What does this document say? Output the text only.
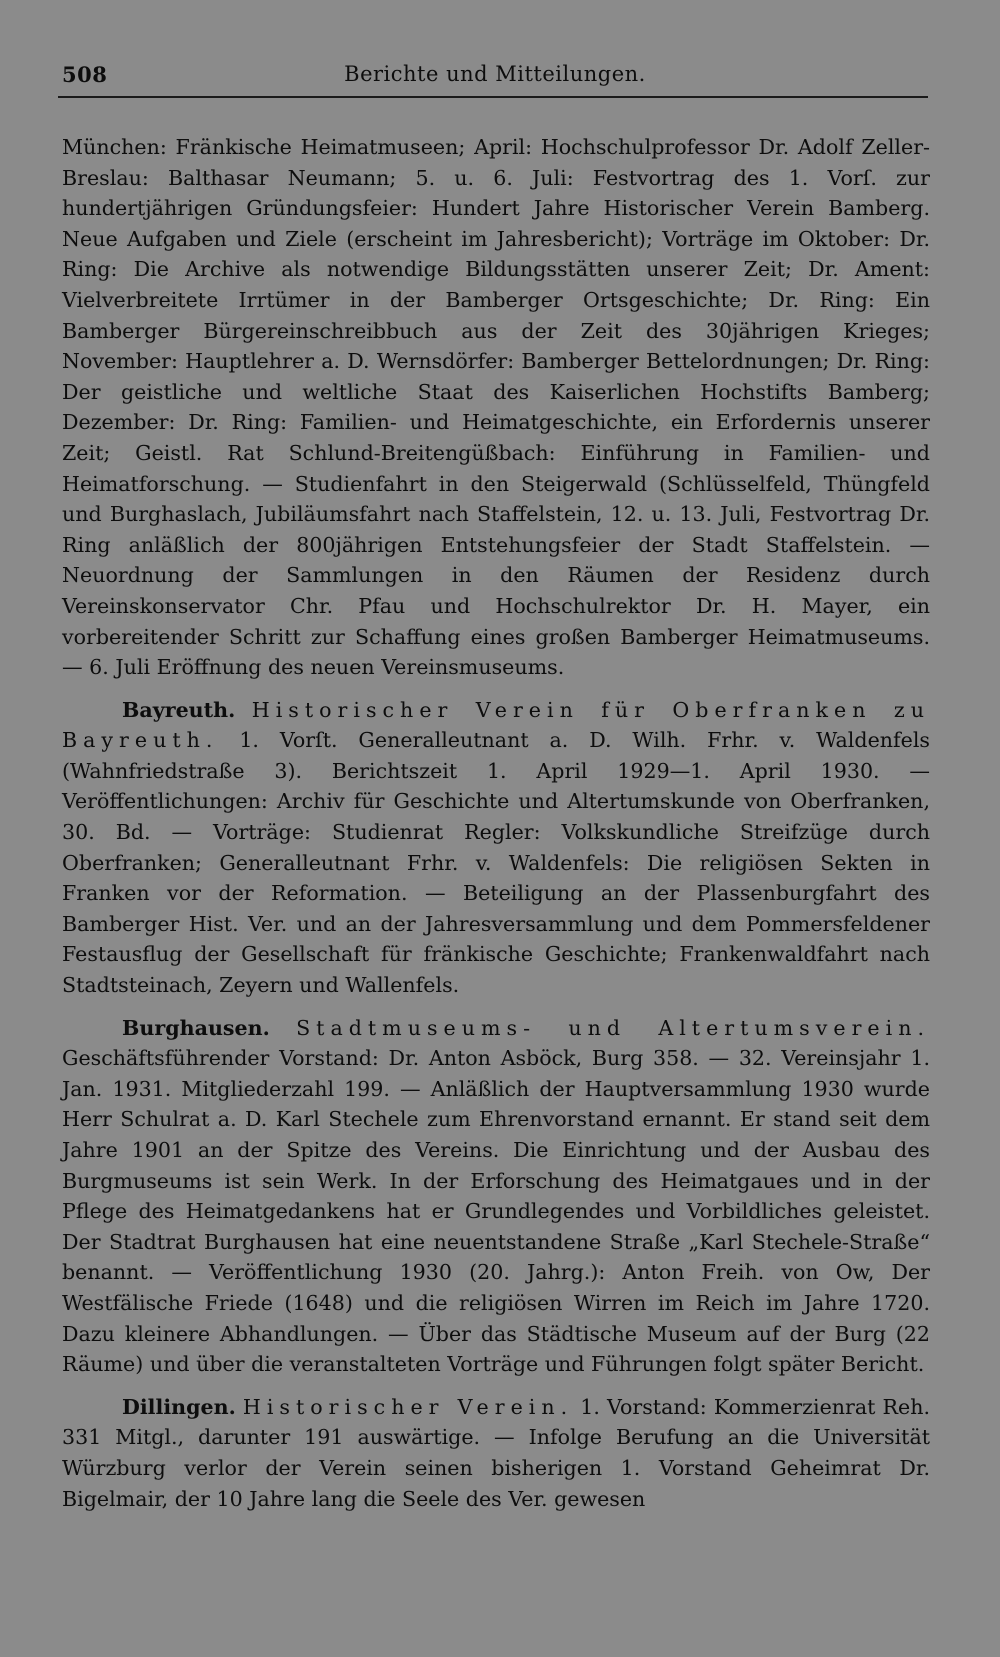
508	Berichte und Mitteilungen.

München: Fränkische Heimatmuseen; April: Hochschulprofessor Dr. Adolf Zeller-Breslau: Balthasar Neumann; 5. u. 6. Juli: Festvortrag des 1. Vorſ. zur hundertjährigen Gründungsfeier: Hundert Jahre Historischer Verein Bamberg. Neue Aufgaben und Ziele (erscheint im Jahresbericht); Vorträge im Oktober: Dr. Ring: Die Archive als notwendige Bildungsstätten unserer Zeit; Dr. Ament: Vielverbreitete Irrtümer in der Bamberger Ortsgeschichte; Dr. Ring: Ein Bamberger Bürgereinschreibbuch aus der Zeit des 30jährigen Krieges; November: Hauptlehrer a. D. Wernsdörfer: Bamberger Bettelordnungen; Dr. Ring: Der geistliche und weltliche Staat des Kaiserlichen Hochstifts Bamberg; Dezember: Dr. Ring: Familien- und Heimatgeschichte, ein Erfordernis unserer Zeit; Geistl. Rat Schlund-Breitengüßbach: Einführung in Familien- und Heimatforschung. — Studienfahrt in den Steigerwald (Schlüsselfeld, Thüngfeld und Burghaslach, Jubiläumsfahrt nach Staffelstein, 12. u. 13. Juli, Festvortrag Dr. Ring anläßlich der 800jährigen Entstehungsfeier der Stadt Staffelstein. — Neuordnung der Sammlungen in den Räumen der Residenz durch Vereinskonservator Chr. Pfau und Hochschulrektor Dr. H. Mayer, ein vorbereitender Schritt zur Schaffung eines großen Bamberger Heimatmuseums. — 6. Juli Eröffnung des neuen Vereinsmuseums.

Bayreuth. Historischer Verein für Oberfranken zu Bayreuth. 1. Vorſt. Generalleutnant a. D. Wilh. Frhr. v. Waldenfels (Wahnfriedstraße 3). Berichtszeit 1. April 1929—1. April 1930. — Veröffentlichungen: Archiv für Geschichte und Altertumskunde von Oberfranken, 30. Bd. — Vorträge: Studienrat Regler: Volkskundliche Streifzüge durch Oberfranken; Generalleutnant Frhr. v. Waldenfels: Die religiösen Sekten in Franken vor der Reformation. — Beteiligung an der Plassenburgfahrt des Bamberger Hist. Ver. und an der Jahresversammlung und dem Pommersfeldener Festausflug der Gesellschaft für fränkische Geschichte; Frankenwaldfahrt nach Stadtsteinach, Zeyern und Wallenfels.

Burghausen. Stadtmuseums- und Altertumsverein. Geschäftsführender Vorstand: Dr. Anton Asböck, Burg 358. — 32. Vereinsjahr 1. Jan. 1931. Mitgliederzahl 199. — Anläßlich der Hauptversammlung 1930 wurde Herr Schulrat a. D. Karl Stechele zum Ehrenvorstand ernannt. Er stand seit dem Jahre 1901 an der Spitze des Vereins. Die Einrichtung und der Ausbau des Burgmuseums ist sein Werk. In der Erforschung des Heimatgaues und in der Pflege des Heimatgedankens hat er Grundlegendes und Vorbildliches geleistet. Der Stadtrat Burghausen hat eine neuentstandene Straße „Karl Stechele-Straße“ benannt. — Veröffentlichung 1930 (20. Jahrg.): Anton Freih. von Ow, Der Westfälische Friede (1648) und die religiösen Wirren im Reich im Jahre 1720. Dazu kleinere Abhandlungen. — Über das Städtische Museum auf der Burg (22 Räume) und über die veranstalteten Vorträge und Führungen folgt später Bericht.

Dillingen. Historischer Verein. 1. Vorstand: Kommerzienrat Reh. 331 Mitgl., darunter 191 auswärtige. — Infolge Berufung an die Universität Würzburg verlor der Verein seinen bisherigen 1. Vorstand Geheimrat Dr. Bigelmair, der 10 Jahre lang die Seele des Ver. gewesen
